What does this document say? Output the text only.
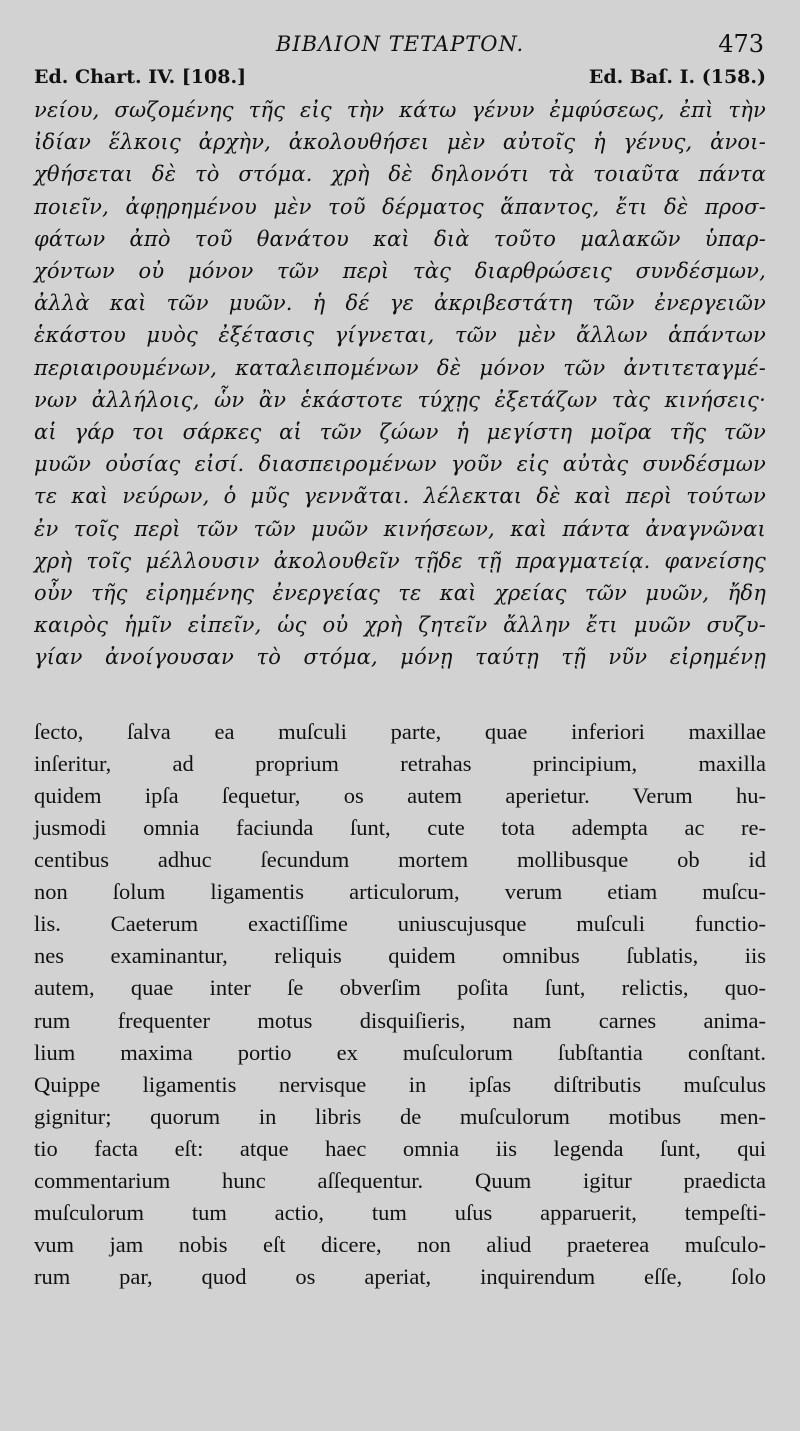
BIBΛION TETAPTON.	473
Ed. Chart. IV. [108.]	Ed. Baſ. I. (158.)
νείου, σωζομένης τῆς εἰς τὴν κάτω γένυν ἐμφύσεως, ἐπὶ τὴν
ἰδίαν ἕλκοις ἀρχὴν, ἀκολουθήσει μὲν αὐτοῖς ἡ γένυς, ἀνοι-
χθήσεται δὲ τὸ στόμα. χρὴ δὲ δηλονότι τὰ τοιαῦτα πάντα
ποιεῖν, ἀφῃρημένου μὲν τοῦ δέρματος ἅπαντος, ἔτι δὲ προσ-
φάτων ἀπὸ τοῦ θανάτου καὶ διὰ τοῦτο μαλακῶν ὑπαρ-
χόντων οὐ μόνον τῶν περὶ τὰς διαρθρώσεις συνδέσμων,
ἀλλὰ καὶ τῶν μυῶν. ἡ δέ γε ἀκριβεστάτη τῶν ἐνεργειῶν
ἑκάστου μυὸς ἐξέτασις γίγνεται, τῶν μὲν ἄλλων ἁπάντων
περιαιρουμένων, καταλειπομένων δὲ μόνον τῶν ἀντιτεταγμέ-
νων ἀλλήλοις, ὧν ἂν ἑκάστοτε τύχῃς ἐξετάζων τὰς κινήσεις·
αἱ γάρ τοι σάρκες αἱ τῶν ζώων ἡ μεγίστη μοῖρα τῆς τῶν
μυῶν οὐσίας εἰσί. διασπειρομένων γοῦν εἰς αὐτὰς συνδέσμων
τε καὶ νεύρων, ὁ μῦς γεννᾶται. λέλεκται δὲ καὶ περὶ τούτων
ἐν τοῖς περὶ τῶν τῶν μυῶν κινήσεων, καὶ πάντα ἀναγνῶναι
χρὴ τοῖς μέλλουσιν ἀκολουθεῖν τῇδε τῇ πραγματείᾳ. φανείσης
οὖν τῆς εἰρημένης ἐνεργείας τε καὶ χρείας τῶν μυῶν, ἤδη
καιρὸς ἡμῖν εἰπεῖν, ὡς οὐ χρὴ ζητεῖν ἄλλην ἔτι μυῶν συζυ-
γίαν ἀνοίγουσαν τὸ στόμα, μόνῃ ταύτῃ τῇ νῦν εἰρημένῃ
ſecto, ſalva ea muſculi parte, quae inferiori maxillae
inſeritur, ad proprium retrahas principium, maxilla
quidem ipſa ſequetur, os autem aperietur. Verum hu-
jusmodi omnia faciunda ſunt, cute tota adempta ac re-
centibus adhuc ſecundum mortem mollibusque ob id
non ſolum ligamentis articulorum, verum etiam muſcu-
lis. Caeterum exactiſſime uniuscujusque muſculi functio-
nes examinantur, reliquis quidem omnibus ſublatis, iis
autem, quae inter ſe obverſim poſita ſunt, relictis, quo-
rum frequenter motus disquiſieris, nam carnes anima-
lium maxima portio ex muſculorum ſubſtantia conſtant.
Quippe ligamentis nervisque in ipſas diſtributis muſculus
gignitur; quorum in libris de muſculorum motibus men-
tio facta eſt: atque haec omnia iis legenda ſunt, qui
commentarium hunc aſſequentur. Quum igitur praedicta
muſculorum tum actio, tum uſus apparuerit, tempeſti-
vum jam nobis eſt dicere, non aliud praeterea muſculo-
rum par, quod os aperiat, inquirendum eſſe, ſolo
